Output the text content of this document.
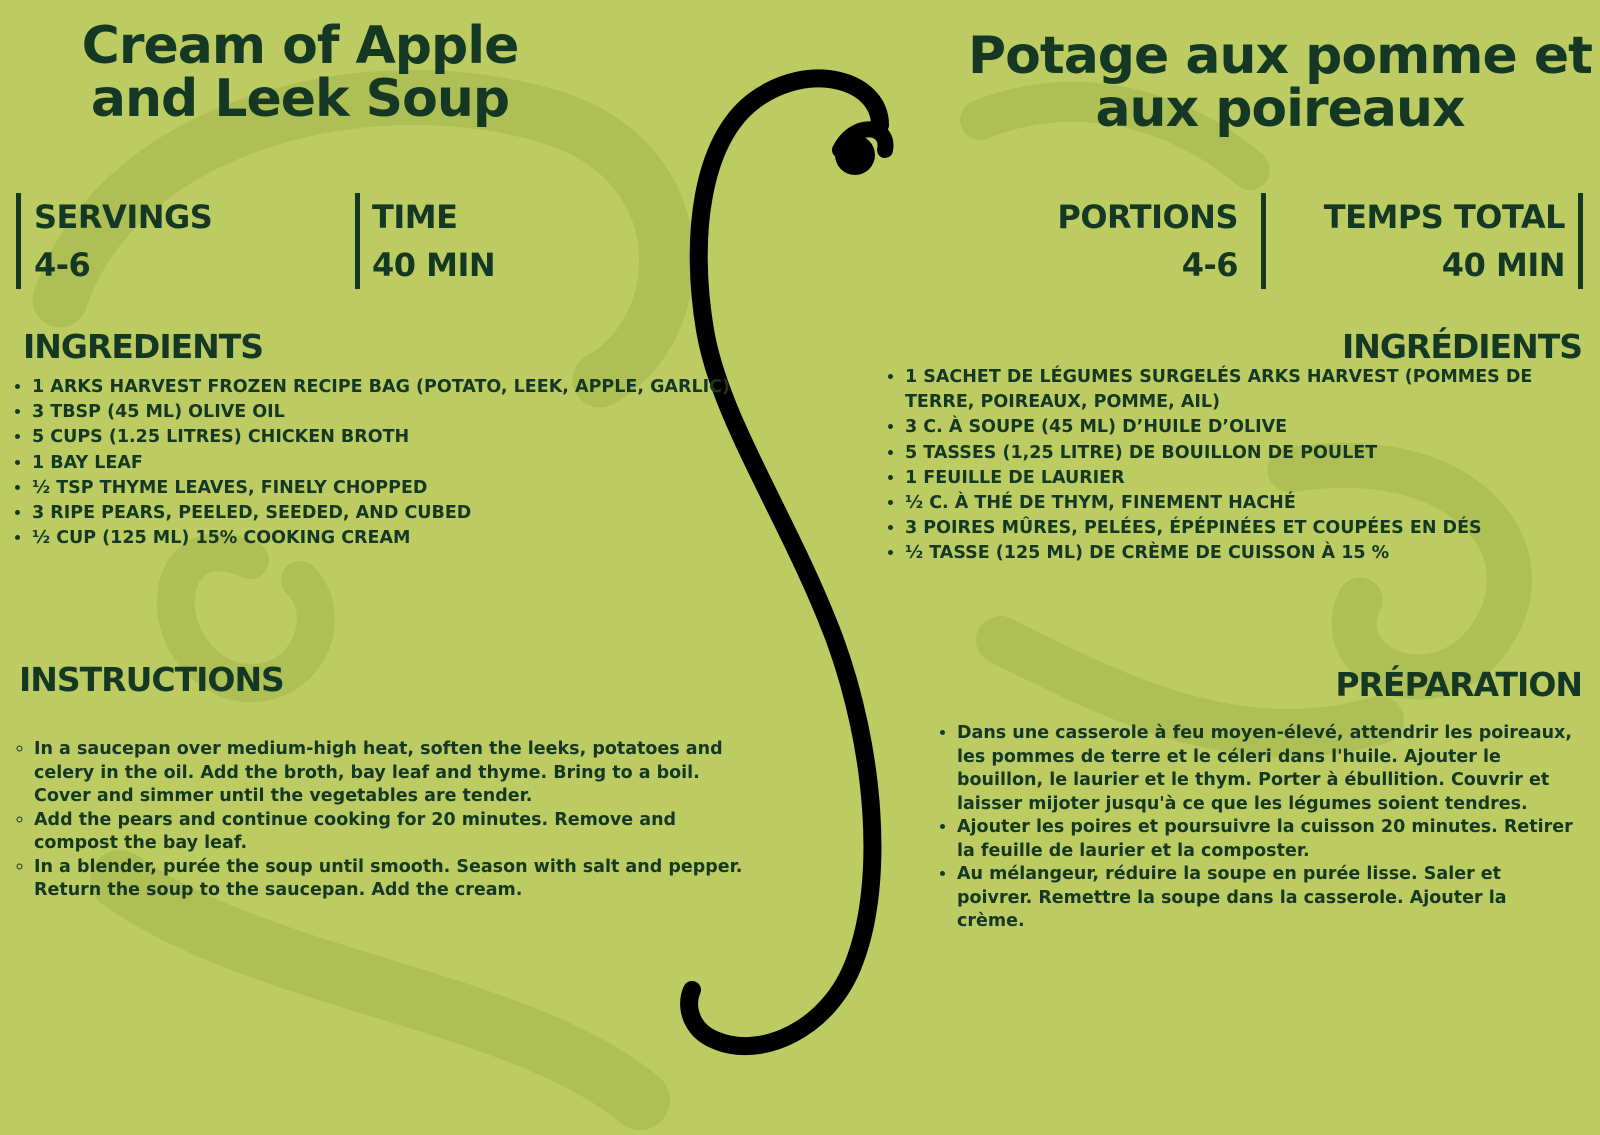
Cream of Apple and Leek Soup
SERVINGS
4-6
TIME
40 MIN
INGREDIENTS
• 1 ARKS HARVEST FROZEN RECIPE BAG (POTATO, LEEK, APPLE, GARLIC)
• 3 TBSP (45 ML) OLIVE OIL
• 5 CUPS (1.25 LITRES) CHICKEN BROTH
• 1 BAY LEAF
• ½ TSP THYME LEAVES, FINELY CHOPPED
• 3 RIPE PEARS, PEELED, SEEDED, AND CUBED
• ½ CUP (125 ML) 15% COOKING CREAM
INSTRUCTIONS
◦ In a saucepan over medium-high heat, soften the leeks, potatoes and celery in the oil. Add the broth, bay leaf and thyme. Bring to a boil. Cover and simmer until the vegetables are tender.
◦ Add the pears and continue cooking for 20 minutes. Remove and compost the bay leaf.
◦ In a blender, purée the soup until smooth. Season with salt and pepper. Return the soup to the saucepan. Add the cream.
Potage aux pomme et aux poireaux
PORTIONS
4-6
TEMPS TOTAL
40 MIN
INGRÉDIENTS
• 1 SACHET DE LÉGUMES SURGELÉS ARKS HARVEST (POMMES DE TERRE, POIREAUX, POMME, AIL)
• 3 C. À SOUPE (45 ML) D’HUILE D’OLIVE
• 5 TASSES (1,25 LITRE) DE BOUILLON DE POULET
• 1 FEUILLE DE LAURIER
• ½ C. À THÉ DE THYM, FINEMENT HACHÉ
• 3 POIRES MÛRES, PELÉES, ÉPÉPINÉES ET COUPÉES EN DÉS
• ½ TASSE (125 ML) DE CRÈME DE CUISSON À 15 %
PRÉPARATION
• Dans une casserole à feu moyen-élevé, attendrir les poireaux, les pommes de terre et le céleri dans l'huile. Ajouter le bouillon, le laurier et le thym. Porter à ébullition. Couvrir et laisser mijoter jusqu'à ce que les légumes soient tendres.
• Ajouter les poires et poursuivre la cuisson 20 minutes. Retirer la feuille de laurier et la composter.
• Au mélangeur, réduire la soupe en purée lisse. Saler et poivrer. Remettre la soupe dans la casserole. Ajouter la crème.
